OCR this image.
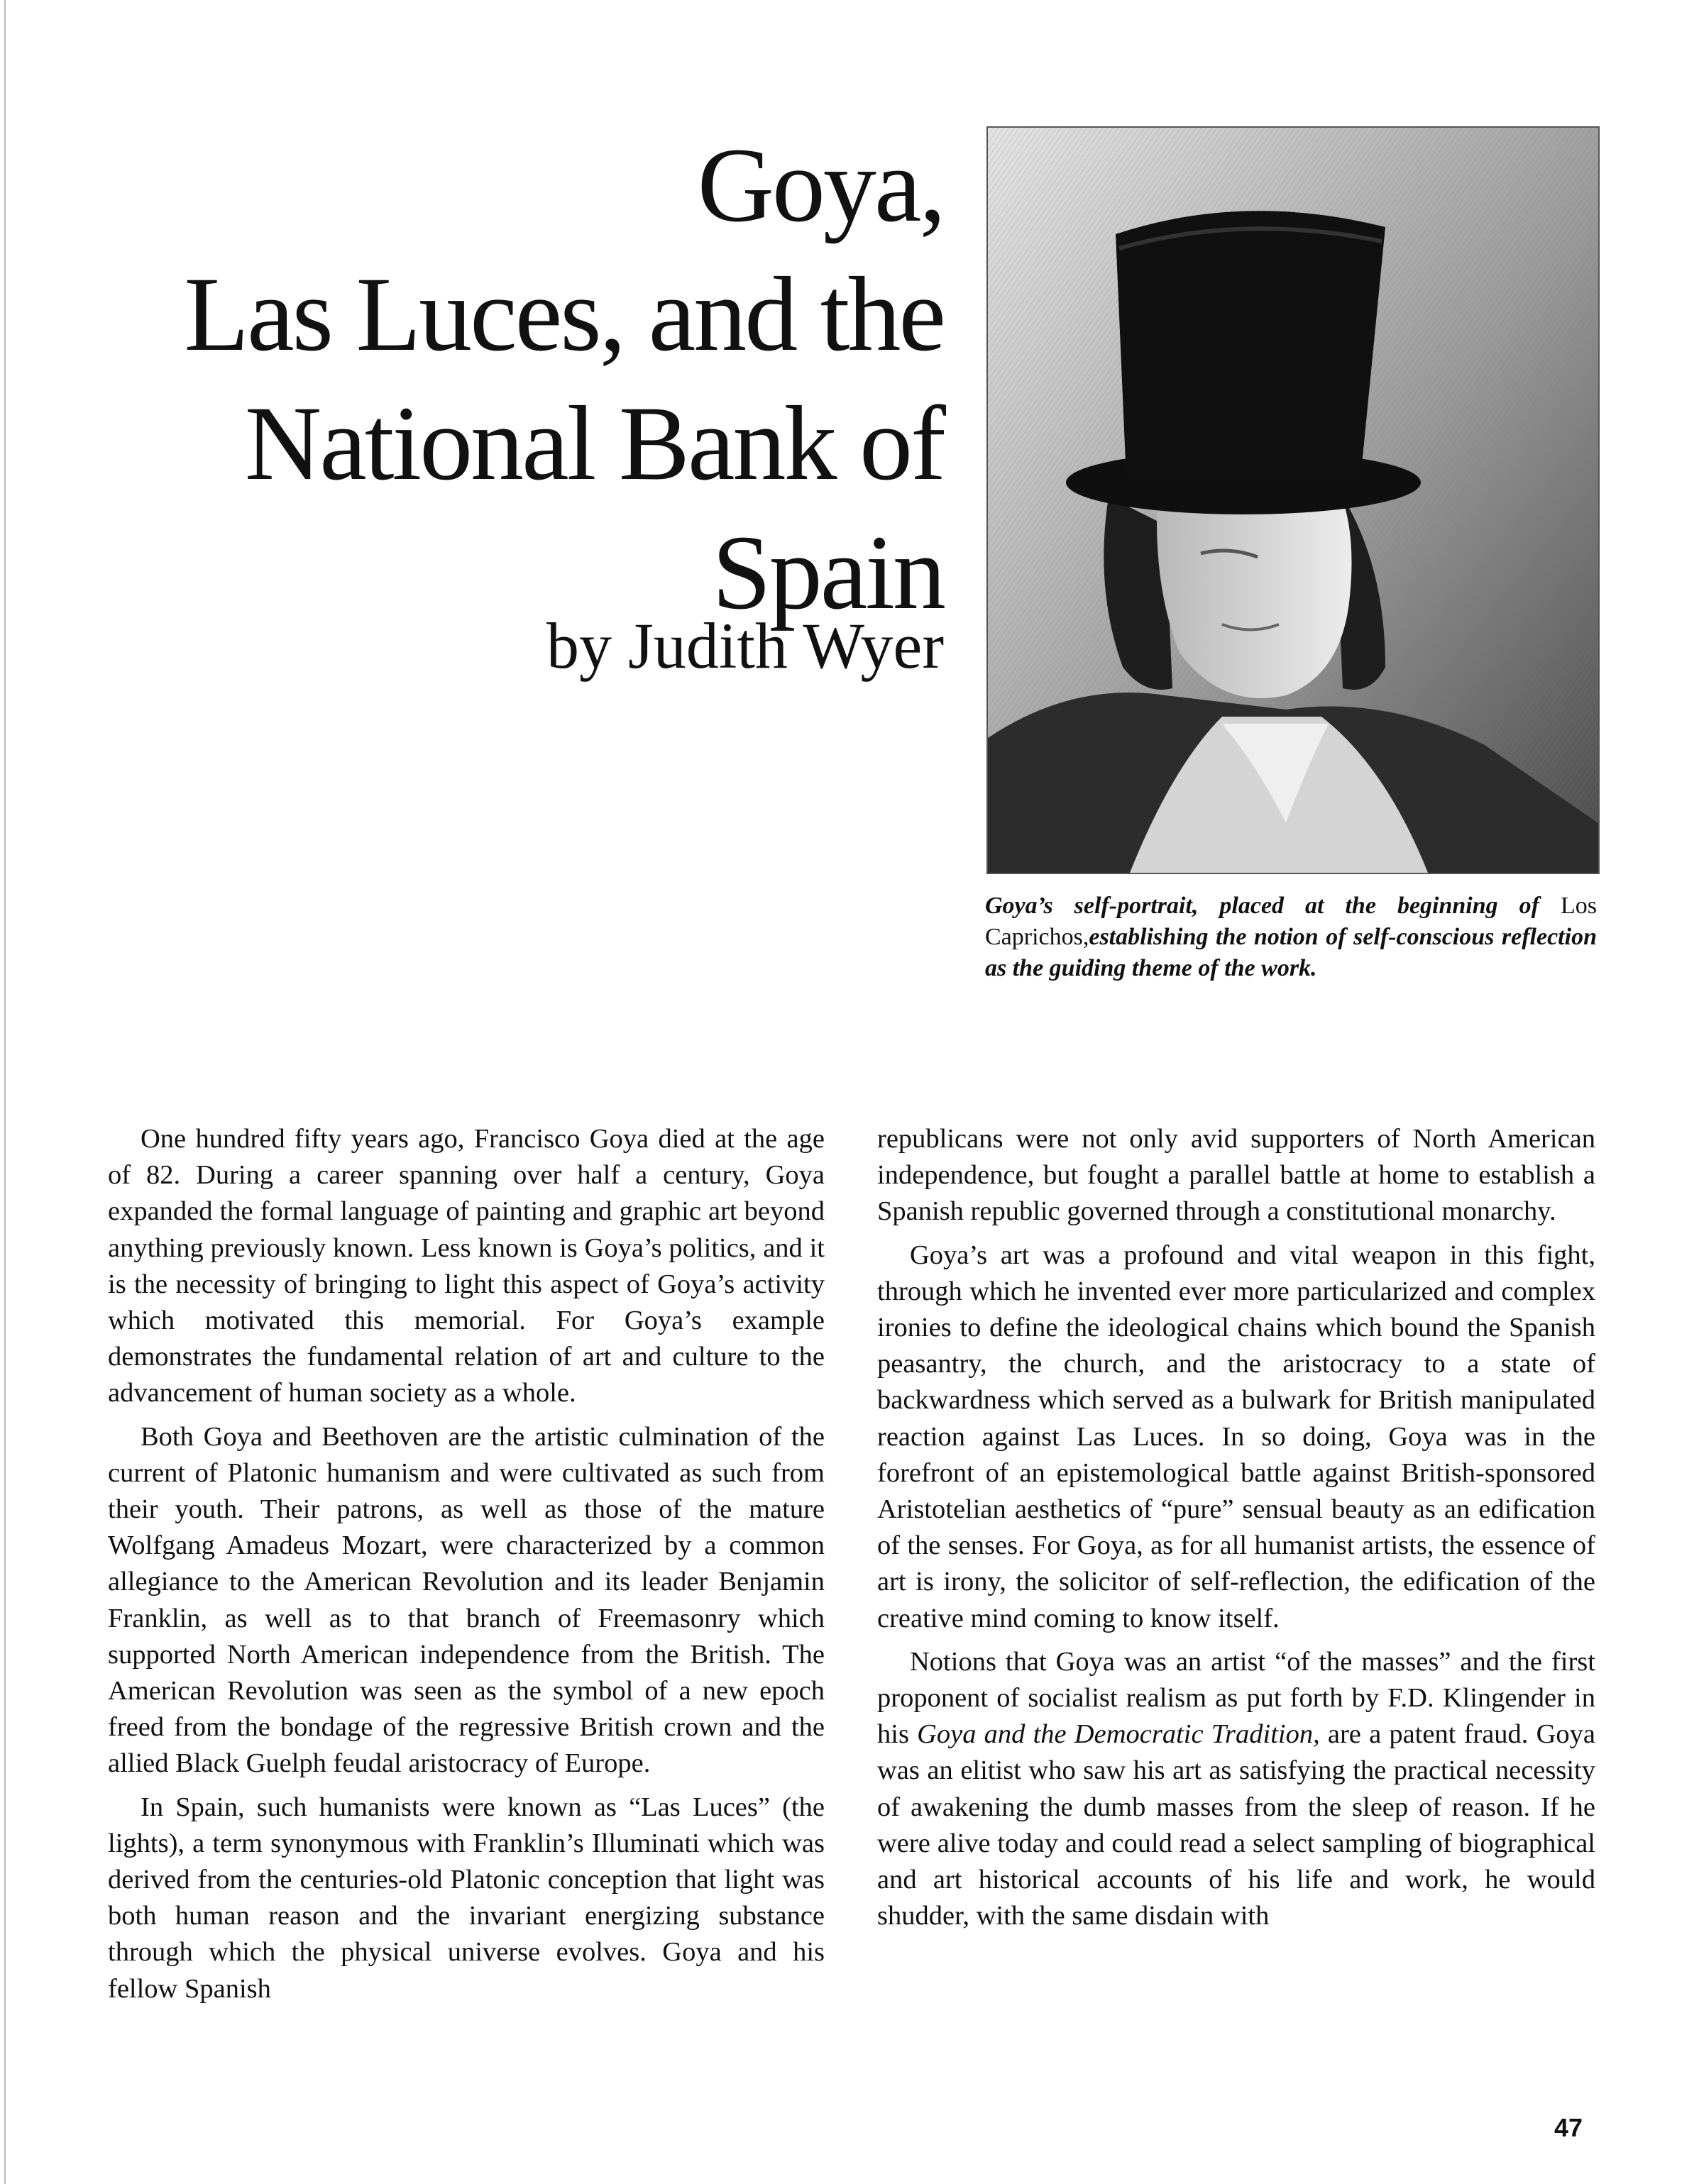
Goya,
Las Luces, and the
National Bank of Spain
by Judith Wyer
Goya’s self-portrait, placed at the beginning of Los Caprichos,establishing the notion of self-conscious reflection as the guiding theme of the work.

One hundred fifty years ago, Francisco Goya died at the age of 82. During a career spanning over half a century, Goya expanded the formal language of painting and graphic art beyond anything previously known. Less known is Goya’s politics, and it is the necessity of bringing to light this aspect of Goya’s activity which motivated this memorial. For Goya’s example demonstrates the fundamental relation of art and culture to the advancement of human society as a whole.

Both Goya and Beethoven are the artistic culmination of the current of Platonic humanism and were cultivated as such from their youth. Their patrons, as well as those of the mature Wolfgang Amadeus Mozart, were characterized by a common allegiance to the American Revolution and its leader Benjamin Franklin, as well as to that branch of Freemasonry which supported North American independence from the British. The American Revolution was seen as the symbol of a new epoch freed from the bondage of the regressive British crown and the allied Black Guelph feudal aristocracy of Europe.

In Spain, such humanists were known as “Las Luces” (the lights), a term synonymous with Franklin’s Illuminati which was derived from the centuries-old Platonic conception that light was both human reason and the invariant energizing substance through which the physical universe evolves. Goya and his fellow Spanish

republicans were not only avid supporters of North American independence, but fought a parallel battle at home to establish a Spanish republic governed through a constitutional monarchy.

Goya’s art was a profound and vital weapon in this fight, through which he invented ever more particularized and complex ironies to define the ideological chains which bound the Spanish peasantry, the church, and the aristocracy to a state of backwardness which served as a bulwark for British manipulated reaction against Las Luces. In so doing, Goya was in the forefront of an epistemological battle against British-sponsored Aristotelian aesthetics of “pure” sensual beauty as an edification of the senses. For Goya, as for all humanist artists, the essence of art is irony, the solicitor of self-reflection, the edification of the creative mind coming to know itself.

Notions that Goya was an artist “of the masses” and the first proponent of socialist realism as put forth by F.D. Klingender in his Goya and the Democratic Tradition, are a patent fraud. Goya was an elitist who saw his art as satisfying the practical necessity of awakening the dumb masses from the sleep of reason. If he were alive today and could read a select sampling of biographical and art historical accounts of his life and work, he would shudder, with the same disdain with

47
